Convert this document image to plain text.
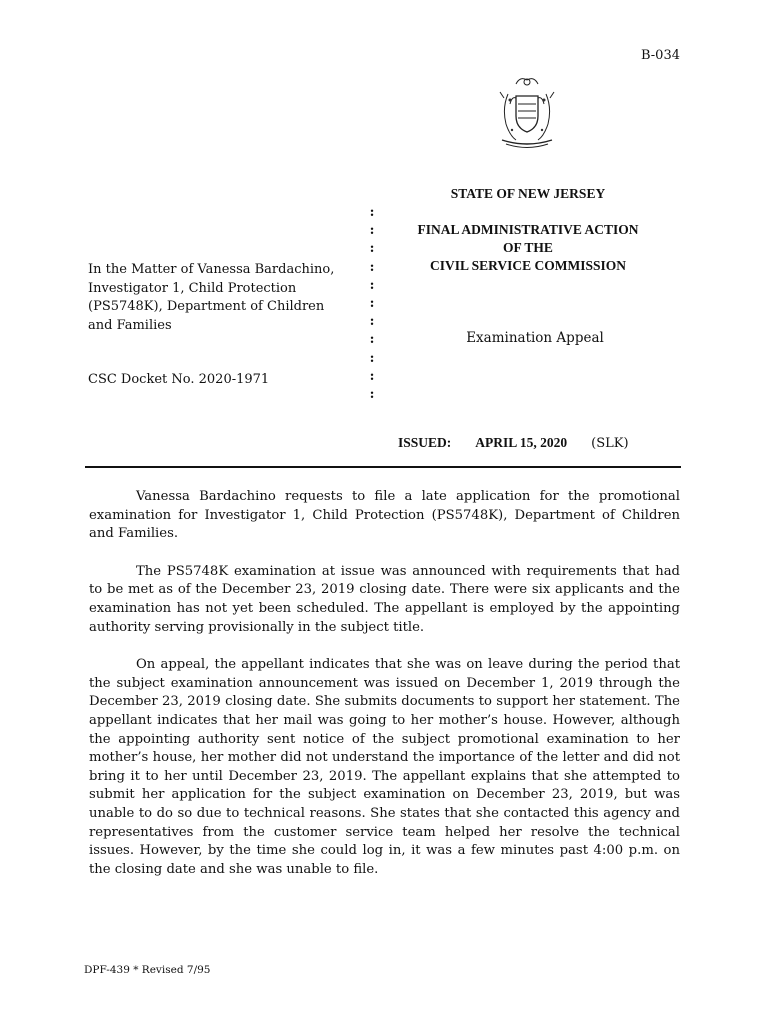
B-034
STATE OF NEW JERSEY
FINAL ADMINISTRATIVE ACTION
OF THE
CIVIL SERVICE COMMISSION
:
:
:
:
:
:
:
:
:
:
:
In the Matter of Vanessa Bardachino,
Investigator 1, Child Protection
(PS5748K), Department of Children
and Families
CSC Docket No. 2020-1971
Examination Appeal
ISSUED: APRIL 15, 2020 (SLK)

Vanessa Bardachino requests to file a late application for the promotional examination for Investigator 1, Child Protection (PS5748K), Department of Children and Families.

The PS5748K examination at issue was announced with requirements that had to be met as of the December 23, 2019 closing date. There were six applicants and the examination has not yet been scheduled. The appellant is employed by the appointing authority serving provisionally in the subject title.

On appeal, the appellant indicates that she was on leave during the period that the subject examination announcement was issued on December 1, 2019 through the December 23, 2019 closing date. She submits documents to support her statement. The appellant indicates that her mail was going to her mother’s house. However, although the appointing authority sent notice of the subject promotional examination to her mother’s house, her mother did not understand the importance of the letter and did not bring it to her until December 23, 2019. The appellant explains that she attempted to submit her application for the subject examination on December 23, 2019, but was unable to do so due to technical reasons. She states that she contacted this agency and representatives from the customer service team helped her resolve the technical issues. However, by the time she could log in, it was a few minutes past 4:00 p.m. on the closing date and she was unable to file.

DPF-439 * Revised 7/95
